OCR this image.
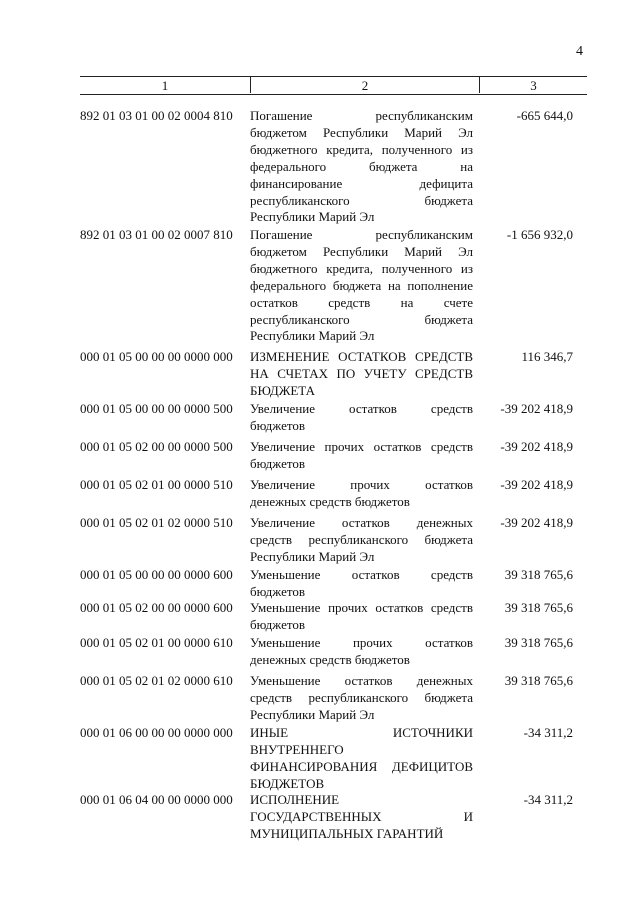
4
1	2	3
892 01 03 01 00 02 0004 810	Погашение республиканским
бюджетом Республики Марий Эл
бюджетного кредита, полученного из
федерального бюджета на
финансирование дефицита
республиканского бюджета
Республики Марий Эл
-665 644,0
892 01 03 01 00 02 0007 810	Погашение республиканским
бюджетом Республики Марий Эл
бюджетного кредита, полученного из
федерального бюджета на пополнение
остатков средств на счете
республиканского бюджета
Республики Марий Эл
-1 656 932,0
000 01 05 00 00 00 0000 000	ИЗМЕНЕНИЕ ОСТАТКОВ СРЕДСТВ
НА СЧЕТАХ ПО УЧЕТУ СРЕДСТВ
БЮДЖЕТА
116 346,7
000 01 05 00 00 00 0000 500	Увеличение остатков средств
бюджетов
-39 202 418,9
000 01 05 02 00 00 0000 500	Увеличение прочих остатков средств
бюджетов
-39 202 418,9
000 01 05 02 01 00 0000 510	Увеличение прочих остатков
денежных средств бюджетов
-39 202 418,9
000 01 05 02 01 02 0000 510	Увеличение остатков денежных
средств республиканского бюджета
Республики Марий Эл
-39 202 418,9
000 01 05 00 00 00 0000 600	Уменьшение остатков средств
бюджетов
39 318 765,6
000 01 05 02 00 00 0000 600	Уменьшение прочих остатков средств
бюджетов
39 318 765,6
000 01 05 02 01 00 0000 610	Уменьшение прочих остатков
денежных средств бюджетов
39 318 765,6
000 01 05 02 01 02 0000 610	Уменьшение остатков денежных
средств республиканского бюджета
Республики Марий Эл
39 318 765,6
000 01 06 00 00 00 0000 000	ИНЫЕ ИСТОЧНИКИ
ВНУТРЕННЕГО
ФИНАНСИРОВАНИЯ ДЕФИЦИТОВ
БЮДЖЕТОВ
-34 311,2
000 01 06 04 00 00 0000 000	ИСПОЛНЕНИЕ
ГОСУДАРСТВЕННЫХ И
МУНИЦИПАЛЬНЫХ ГАРАНТИЙ
-34 311,2
